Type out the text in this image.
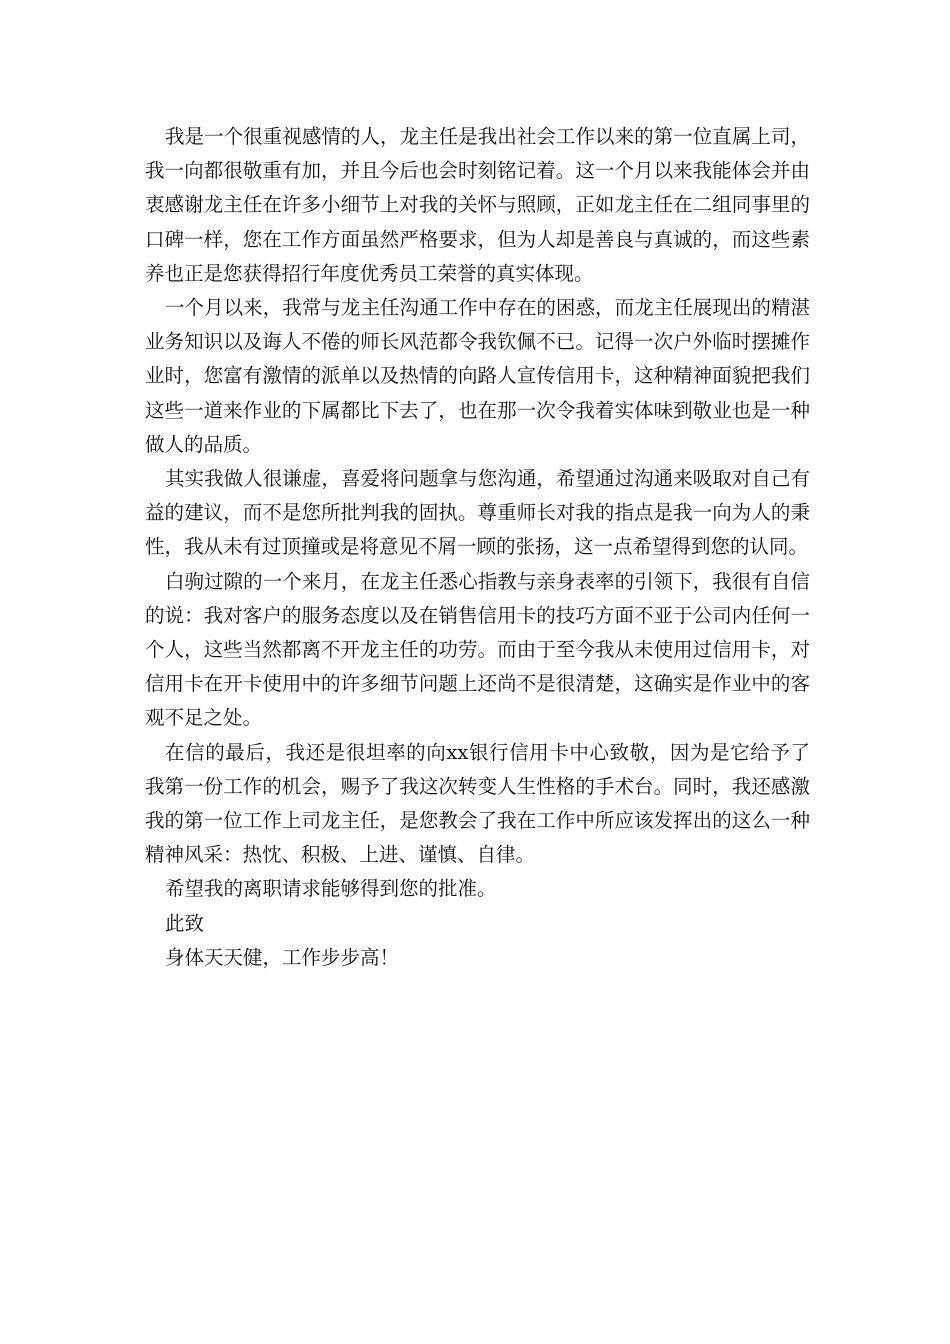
我是一个很重视感情的人，龙主任是我出社会工作以来的第一位直属上司，我一向都很敬重有加，并且今后也会时刻铭记着。这一个月以来我能体会并由衷感谢龙主任在许多小细节上对我的关怀与照顾，正如龙主任在二组同事里的口碑一样，您在工作方面虽然严格要求，但为人却是善良与真诚的，而这些素养也正是您获得招行年度优秀员工荣誉的真实体现。

一个月以来，我常与龙主任沟通工作中存在的困惑，而龙主任展现出的精湛业务知识以及诲人不倦的师长风范都令我钦佩不已。记得一次户外临时摆摊作业时，您富有激情的派单以及热情的向路人宣传信用卡，这种精神面貌把我们这些一道来作业的下属都比下去了，也在那一次令我着实体味到敬业也是一种做人的品质。

其实我做人很谦虚，喜爱将问题拿与您沟通，希望通过沟通来吸取对自己有益的建议，而不是您所批判我的固执。尊重师长对我的指点是我一向为人的秉性，我从未有过顶撞或是将意见不屑一顾的张扬，这一点希望得到您的认同。

白驹过隙的一个来月，在龙主任悉心指教与亲身表率的引领下，我很有自信的说：我对客户的服务态度以及在销售信用卡的技巧方面不亚于公司内任何一个人，这些当然都离不开龙主任的功劳。而由于至今我从未使用过信用卡，对信用卡在开卡使用中的许多细节问题上还尚不是很清楚，这确实是作业中的客观不足之处。

在信的最后，我还是很坦率的向xx银行信用卡中心致敬，因为是它给予了我第一份工作的机会，赐予了我这次转变人生性格的手术台。同时，我还感激我的第一位工作上司龙主任，是您教会了我在工作中所应该发挥出的这么一种精神风采：热忱、积极、上进、谨慎、自律。

希望我的离职请求能够得到您的批准。

此致

身体天天健，工作步步高！
